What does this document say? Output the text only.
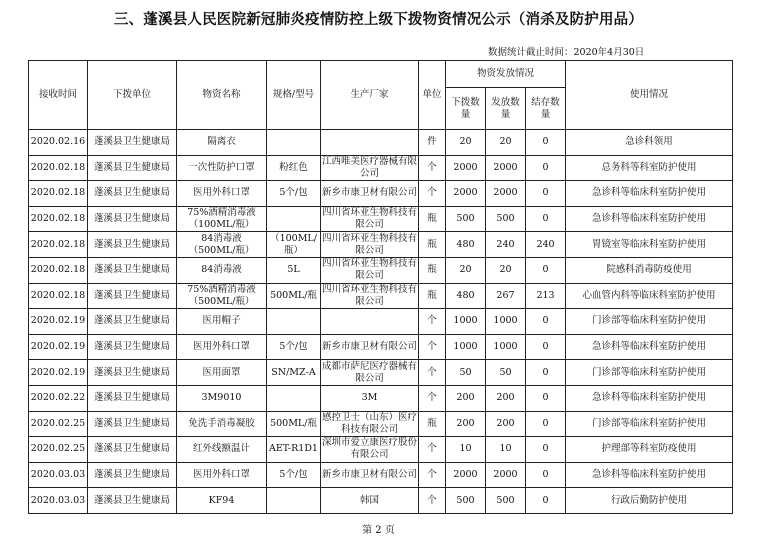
三、蓬溪县人民医院新冠肺炎疫情防控上级下拨物资情况公示（消杀及防护用品）
数据统计截止时间：2020年4月30日
接收时间	下拨单位	物资名称	规格/型号	生产厂家	单位	物资发放情况			使用情况
						下拨数量	发放数量	结存数量	
2020.02.16	蓬溪县卫生健康局	隔离衣			件	20	20	0	急诊科领用
2020.02.18	蓬溪县卫生健康局	一次性防护口罩	粉红色	江西唯美医疗器械有限公司	个	2000	2000	0	总务科等科室防护使用
2020.02.18	蓬溪县卫生健康局	医用外科口罩	5个/包	新乡市康卫材有限公司	个	2000	2000	0	急诊科等临床科室防护使用
2020.02.18	蓬溪县卫生健康局	75%酒精消毒液（100ML/瓶）		四川省环亚生物科技有限公司	瓶	500	500	0	急诊科等临床科室防护使用
2020.02.18	蓬溪县卫生健康局	84消毒液（500ML/瓶）	（100ML/瓶）	四川省环亚生物科技有限公司	瓶	480	240	240	胃镜室等临床科室防护使用
2020.02.18	蓬溪县卫生健康局	84消毒液	5L	四川省环亚生物科技有限公司	瓶	20	20	0	院感科消毒防疫使用
2020.02.18	蓬溪县卫生健康局	75%酒精消毒液（500ML/瓶）	500ML/瓶	四川省环亚生物科技有限公司	瓶	480	267	213	心血管内科等临床科室防护使用
2020.02.19	蓬溪县卫生健康局	医用帽子			个	1000	1000	0	门诊部等临床科室防护使用
2020.02.19	蓬溪县卫生健康局	医用外科口罩	5个/包	新乡市康卫材有限公司	个	1000	1000	0	急诊科等临床科室防护使用
2020.02.19	蓬溪县卫生健康局	医用面罩	SN/MZ-A	成都市萨尼医疗器械有限公司	个	50	50	0	门诊部等临床科室防护使用
2020.02.22	蓬溪县卫生健康局	3M9010		3M	个	200	200	0	急诊科等临床科室防护使用
2020.02.25	蓬溪县卫生健康局	免洗手消毒凝胶	500ML/瓶	感控卫士（山东）医疗科技有限公司	瓶	200	200	0	门诊部等临床科室防护使用
2020.02.25	蓬溪县卫生健康局	红外线额温计	AET-R1D1	深圳市爱立康医疗股份有限公司	个	10	10	0	护理部等科室防疫使用
2020.03.03	蓬溪县卫生健康局	医用外科口罩	5个/包	新乡市康卫材有限公司	个	2000	2000	0	急诊科等临床科室防护使用
2020.03.03	蓬溪县卫生健康局	KF94		韩国	个	500	500	0	行政后勤防护使用
第 2 页
